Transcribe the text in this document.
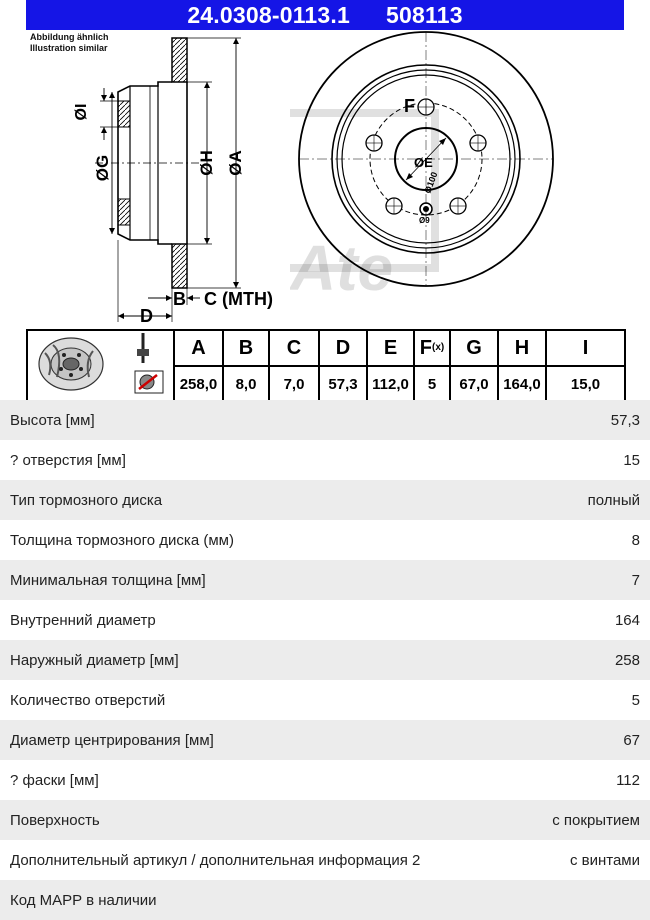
24.0308-0113.1 508113
Abbildung ähnlich
Illustration similar
ØI
ØG	ØH ØA
B C (MTH)
D
Ate
ØE
Ø100
Ø9
F
	A	B	C	D	E	$F^{(x)}$	G	H	I
	258,0	8,0	7,0	57,3	112,0	5	67,0	164,0	15,0
Высота [мм]	57,3
? отверстия [мм]	15
Тип тормозного диска	полный
Толщина тормозного диска (мм)	8
Минимальная толщина [мм]	7
Внутренний диаметр	164
Наружный диаметр [мм]	258
Количество отверстий	5
Диаметр центрирования [мм]	67
? фаски [мм]	112
Поверхность	с покрытием
Дополнительный артикул / дополнительная информация 2	с винтами
Код MAPP в наличии
